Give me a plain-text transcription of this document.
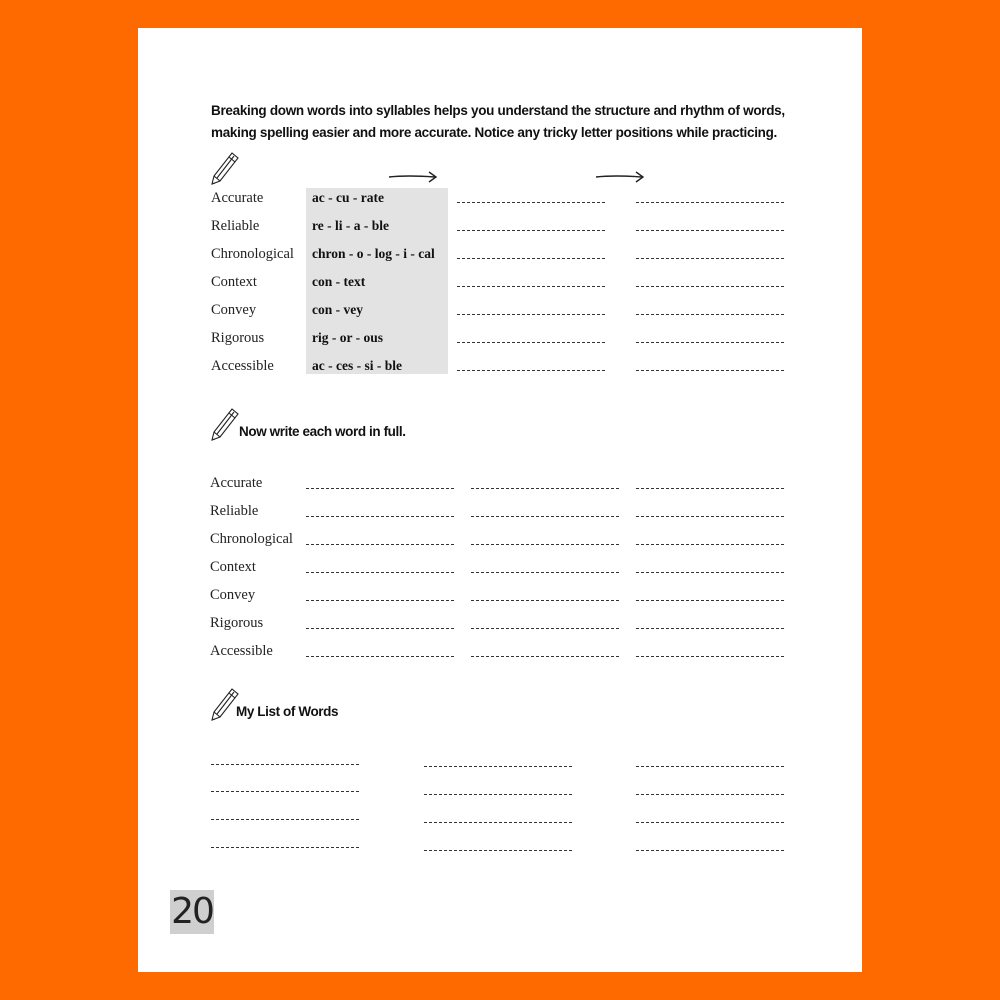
Breaking down words into syllables helps you understand the structure and rhythm of words,
making spelling easier and more accurate. Notice any tricky letter positions while practicing.
Accurate
Reliable
Chronological
Context
Convey
Rigorous
Accessible
ac - cu - rate
re - li - a - ble
chron - o - log - i - cal
con - text
con - vey
rig - or - ous
ac - ces - si - ble
Now write each word in full.
Accurate
Reliable
Chronological
Context
Convey
Rigorous
Accessible
My List of Words
20
